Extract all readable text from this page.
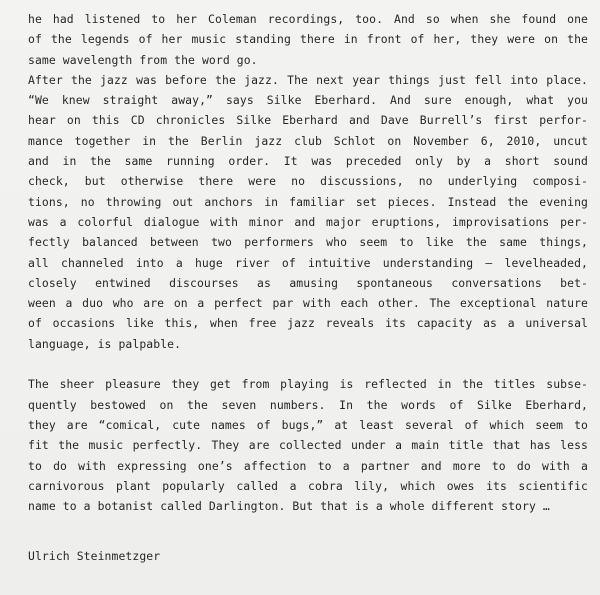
he had listened to her Coleman recordings, too. And so when she found one
of the legends of her music standing there in front of her, they were on the
same wavelength from the word go.
After the jazz was before the jazz. The next year things just fell into place.
“We knew straight away,” says Silke Eberhard. And sure enough, what you
hear on this CD chronicles Silke Eberhard and Dave Burrell’s first perfor-
mance together in the Berlin jazz club Schlot on November 6, 2010, uncut
and in the same running order. It was preceded only by a short sound
check, but otherwise there were no discussions, no underlying composi-
tions, no throwing out anchors in familiar set pieces. Instead the evening
was a colorful dialogue with minor and major eruptions, improvisations per-
fectly balanced between two performers who seem to like the same things,
all channeled into a huge river of intuitive understanding – levelheaded,
closely entwined discourses as amusing spontaneous conversations bet-
ween a duo who are on a perfect par with each other. The exceptional nature
of occasions like this, when free jazz reveals its capacity as a universal
language, is palpable.
The sheer pleasure they get from playing is reflected in the titles subse-
quently bestowed on the seven numbers. In the words of Silke Eberhard,
they are “comical, cute names of bugs,” at least several of which seem to
fit the music perfectly. They are collected under a main title that has less
to do with expressing one’s affection to a partner and more to do with a
carnivorous plant popularly called a cobra lily, which owes its scientific
name to a botanist called Darlington. But that is a whole different story …
Ulrich Steinmetzger
